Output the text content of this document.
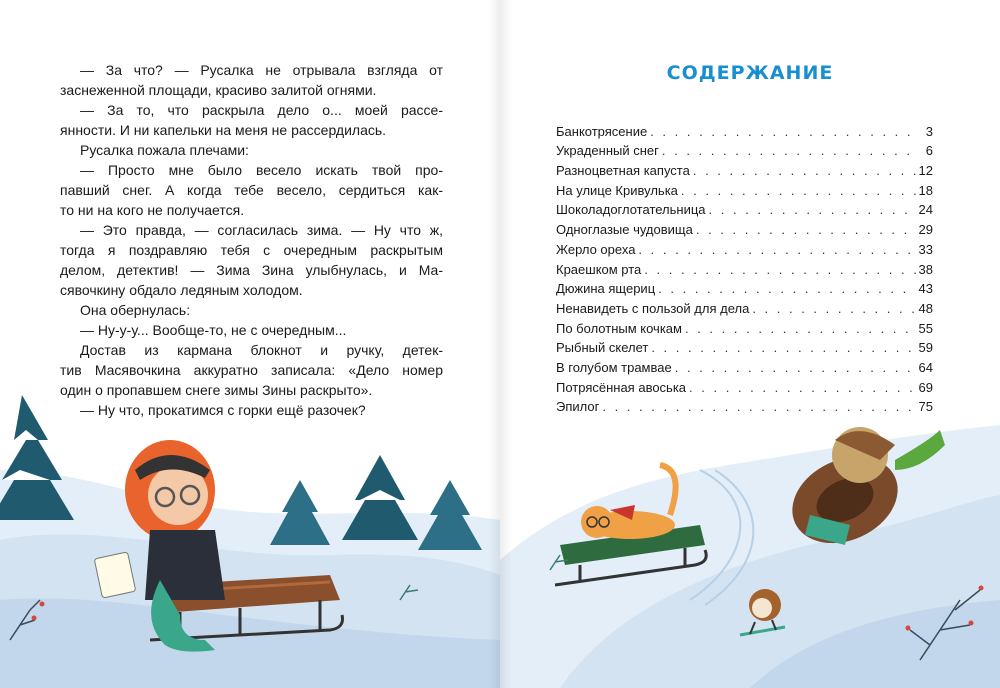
— За что? — Русалка не отрывала взгляда от
заснеженной площади, красиво залитой огнями.
— За то, что раскрыла дело о... моей рассе-
янности. И ни капельки на меня не рассердилась.
Русалка пожала плечами:
— Просто мне было весело искать твой про-
павший снег. А когда тебе весело, сердиться как-
то ни на кого не получается.
— Это правда, — согласилась зима. — Ну что ж,
тогда я поздравляю тебя с очередным раскрытым
делом, детектив! — Зима Зина улыбнулась, и Ма-
сявочкину обдало ледяным холодом.
Она обернулась:
— Ну-у-у... Вообще-то, не с очередным...
Достав из кармана блокнот и ручку, детек-
тив Масявочкина аккуратно записала: «Дело номер
один о пропавшем снеге зимы Зины раскрыто».
— Ну что, прокатимся с горки ещё разочек?
СОДЕРЖАНИЕ
Банкотрясение . . .	3
Украденный снег . . .	6
Разноцветная капуста . . .	12
На улице Кривулька . . .	18
Шоколадоглотательница . . .	24
Одноглазые чудовища . . .	29
Жерло ореха . . .	33
Краешком рта . . .	38
Дюжина ящериц . . .	43
Ненавидеть с пользой для дела . . .	48
По болотным кочкам . . .	55
Рыбный скелет . . .	59
В голубом трамвае . . .	64
Потрясённая авоська . . .	69
Эпилог . . .	75
